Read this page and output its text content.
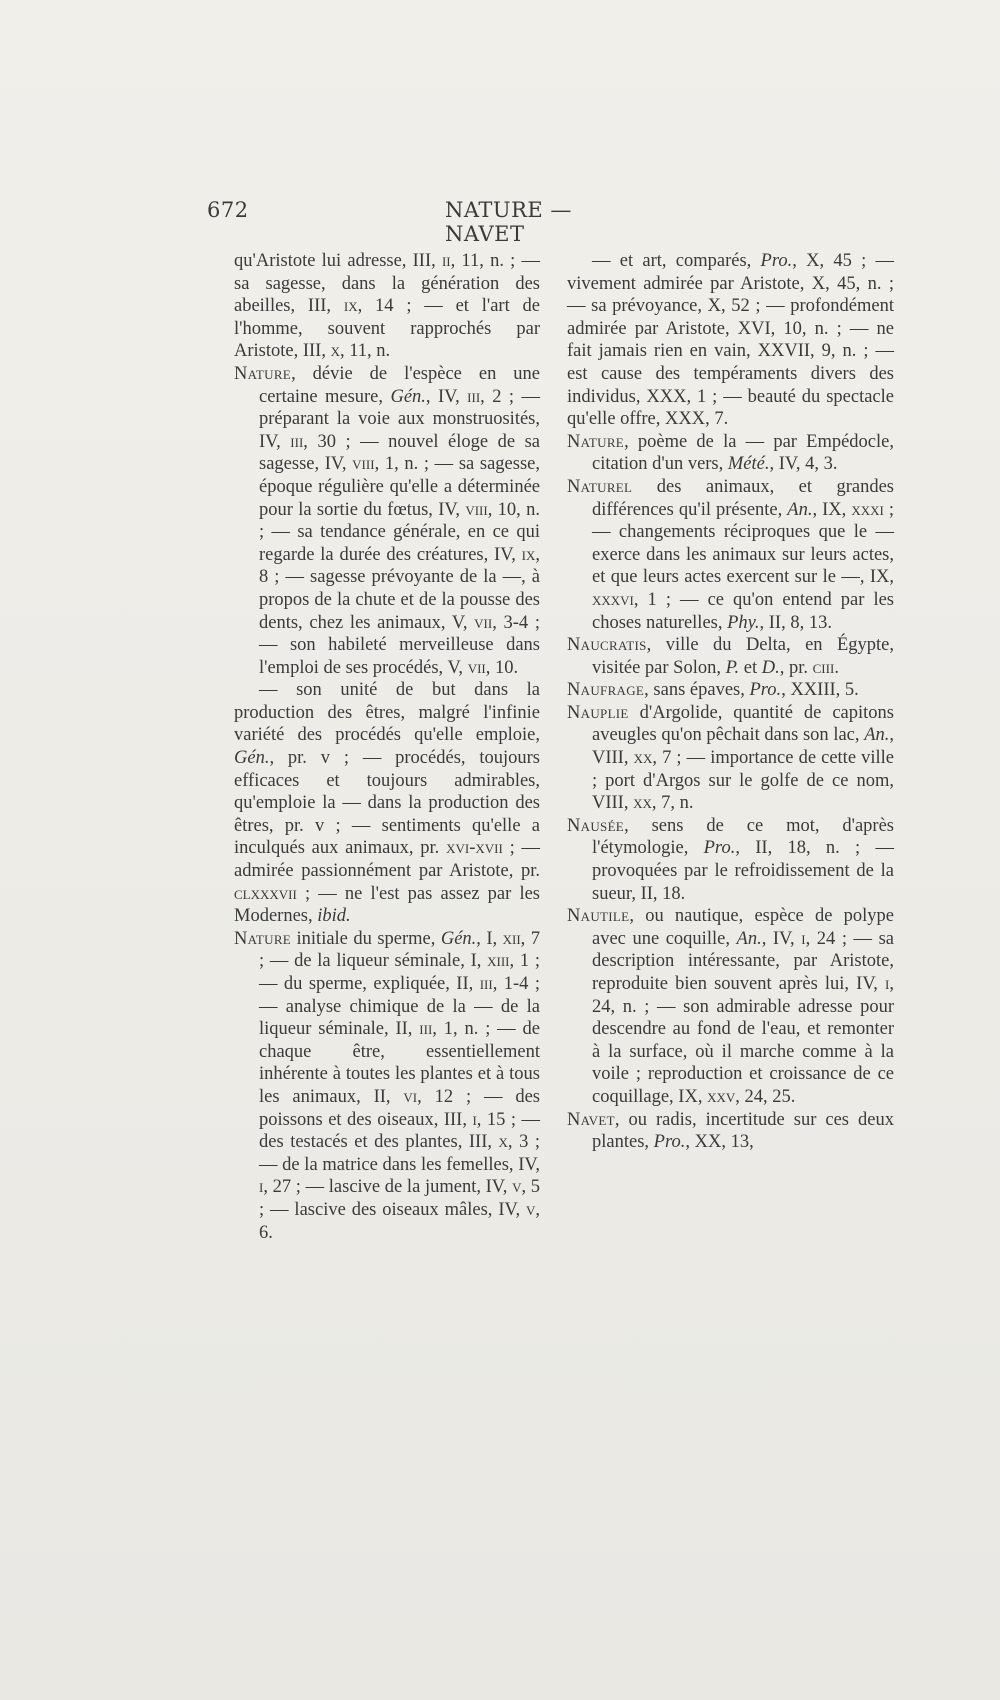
672	NATURE — NAVET

qu'Aristote lui adresse, III, ii, 11, n. ; — sa sagesse, dans la génération des abeilles, III, ix, 14 ; — et l'art de l'homme, souvent rapprochés par Aristote, III, x, 11, n.

Nature, dévie de l'espèce en une certaine mesure, Gén., IV, iii, 2 ; — préparant la voie aux monstruosités, IV, iii, 30 ; — nouvel éloge de sa sagesse, IV, viii, 1, n. ; — sa sagesse, époque régulière qu'elle a déterminée pour la sortie du fœtus, IV, viii, 10, n. ; — sa tendance générale, en ce qui regarde la durée des créatures, IV, ix, 8 ; — sagesse prévoyante de la —, à propos de la chute et de la pousse des dents, chez les animaux, V, vii, 3-4 ; — son habileté merveilleuse dans l'emploi de ses procédés, V, vii, 10.

— son unité de but dans la production des êtres, malgré l'infinie variété des procédés qu'elle emploie, Gén., pr. v ; — procédés, toujours efficaces et toujours admirables, qu'emploie la — dans la production des êtres, pr. v ; — sentiments qu'elle a inculqués aux animaux, pr. xvi-xvii ; — admirée passionnément par Aristote, pr. clxxxvii ; — ne l'est pas assez par les Modernes, ibid.

Nature initiale du sperme, Gén., I, xii, 7 ; — de la liqueur séminale, I, xiii, 1 ; — du sperme, expliquée, II, iii, 1-4 ; — analyse chimique de la — de la liqueur séminale, II, iii, 1, n. ; — de chaque être, essentiellement inhérente à toutes les plantes et à tous les animaux, II, vi, 12 ; — des poissons et des oiseaux, III, i, 15 ; — des testacés et des plantes, III, x, 3 ; — de la matrice dans les femelles, IV, i, 27 ; — lascive de la jument, IV, v, 5 ; — lascive des oiseaux mâles, IV, v, 6.

— et art, comparés, Pro., X, 45 ; — vivement admirée par Aristote, X, 45, n. ; — sa prévoyance, X, 52 ; — profondément admirée par Aristote, XVI, 10, n. ; — ne fait jamais rien en vain, XXVII, 9, n. ; — est cause des tempéraments divers des individus, XXX, 1 ; — beauté du spectacle qu'elle offre, XXX, 7.

Nature, poème de la — par Empédocle, citation d'un vers, Mété., IV, 4, 3.

Naturel des animaux, et grandes différences qu'il présente, An., IX, xxxi ; — changements réciproques que le — exerce dans les animaux sur leurs actes, et que leurs actes exercent sur le —, IX, xxxvi, 1 ; — ce qu'on entend par les choses naturelles, Phy., II, 8, 13.

Naucratis, ville du Delta, en Égypte, visitée par Solon, P. et D., pr. ciii.

Naufrage, sans épaves, Pro., XXIII, 5.

Nauplie d'Argolide, quantité de capitons aveugles qu'on pêchait dans son lac, An., VIII, xx, 7 ; — importance de cette ville ; port d'Argos sur le golfe de ce nom, VIII, xx, 7, n.

Nausée, sens de ce mot, d'après l'étymologie, Pro., II, 18, n. ; — provoquées par le refroidissement de la sueur, II, 18.

Nautile, ou nautique, espèce de polype avec une coquille, An., IV, i, 24 ; — sa description intéressante, par Aristote, reproduite bien souvent après lui, IV, i, 24, n. ; — son admirable adresse pour descendre au fond de l'eau, et remonter à la surface, où il marche comme à la voile ; reproduction et croissance de ce coquillage, IX, xxv, 24, 25.

Navet, ou radis, incertitude sur ces deux plantes, Pro., XX, 13,
